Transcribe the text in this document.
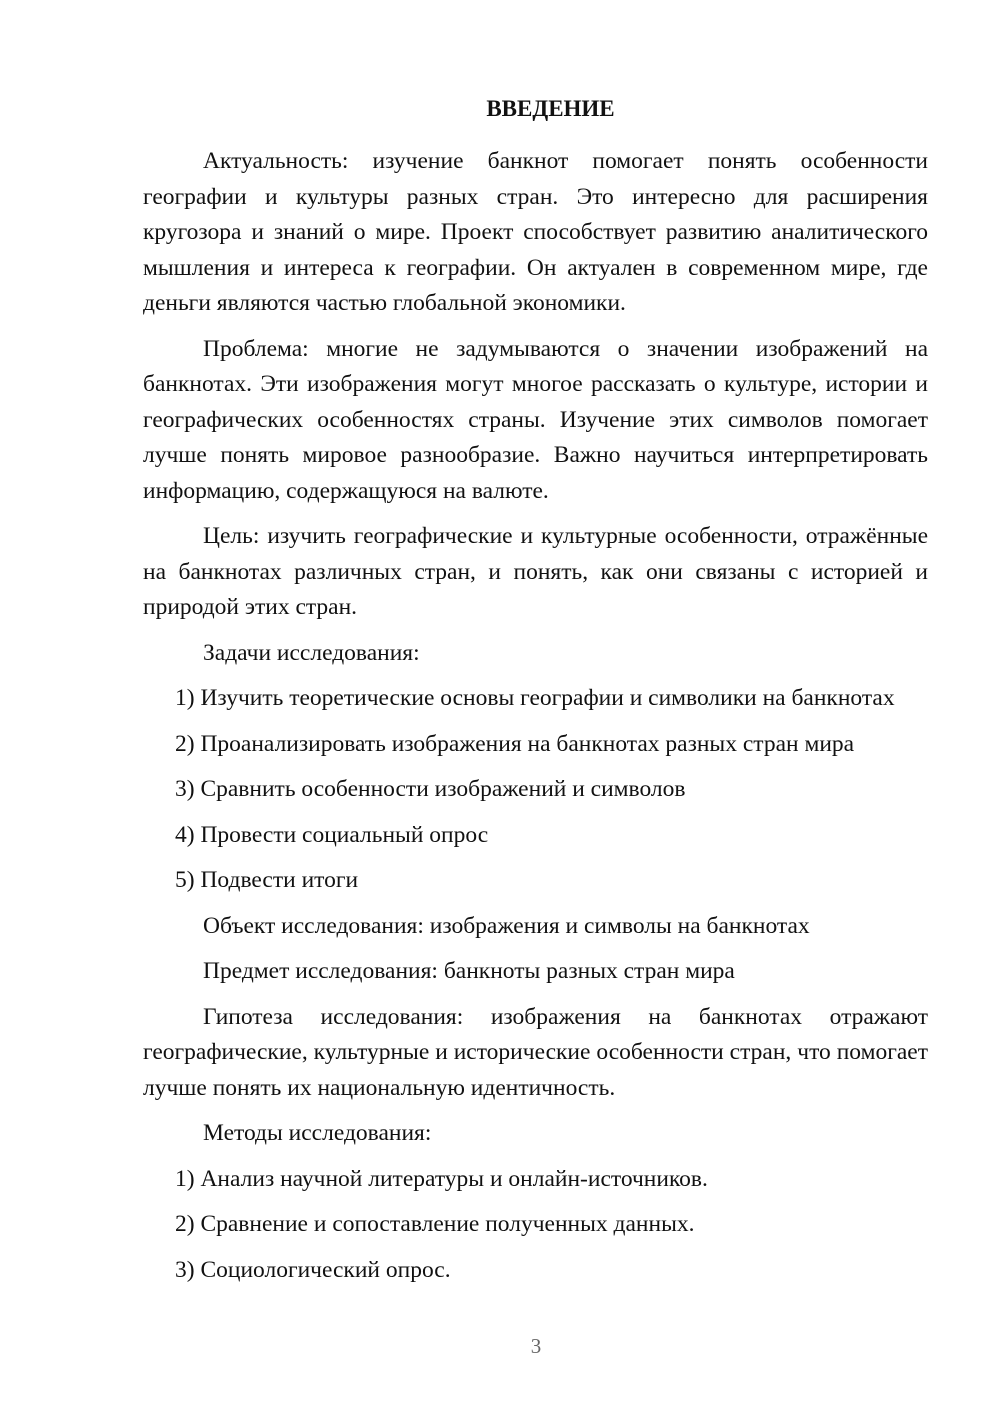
ВВЕДЕНИЕ

Актуальность: изучение банкнот помогает понять особенности географии и культуры разных стран. Это интересно для расширения кругозора и знаний о мире. Проект способствует развитию аналитического мышления и интереса к географии. Он актуален в современном мире, где деньги являются частью глобальной экономики.

Проблема: многие не задумываются о значении изображений на банкнотах. Эти изображения могут многое рассказать о культуре, истории и географических особенностях страны. Изучение этих символов помогает лучше понять мировое разнообразие. Важно научиться интерпретировать информацию, содержащуюся на валюте.

Цель: изучить географические и культурные особенности, отражённые на банкнотах различных стран, и понять, как они связаны с историей и природой этих стран.

Задачи исследования:

1) Изучить теоретические основы географии и символики на банкнотах

2) Проанализировать изображения на банкнотах разных стран мира

3) Сравнить особенности изображений и символов

4) Провести социальный опрос

5) Подвести итоги

Объект исследования: изображения и символы на банкнотах

Предмет исследования: банкноты разных стран мира

Гипотеза исследования: изображения на банкнотах отражают географические, культурные и исторические особенности стран, что помогает лучше понять их национальную идентичность.

Методы исследования:

1) Анализ научной литературы и онлайн-источников.

2) Сравнение и сопоставление полученных данных.

3) Социологический опрос.

3
